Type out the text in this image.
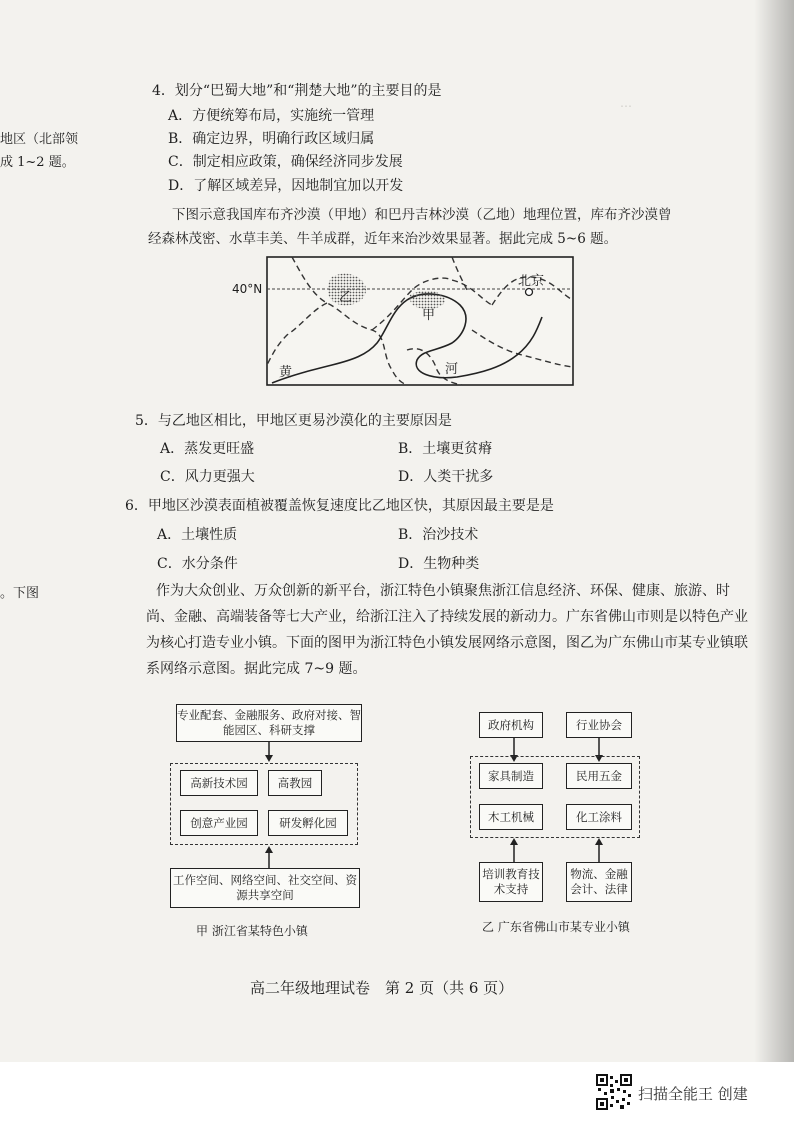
…
地区（北部领
成 1~2 题。
。下图
4．划分“巴蜀大地”和“荆楚大地”的主要目的是
A．方便统筹布局，实施统一管理
B．确定边界，明确行政区域归属
C．制定相应政策，确保经济同步发展
D．了解区域差异，因地制宜加以开发
下图示意我国库布齐沙漠（甲地）和巴丹吉林沙漠（乙地）地理位置，库布齐沙漠曾
经森林茂密、水草丰美、牛羊成群，近年来治沙效果显著。据此完成 5~6 题。
40°N	北京
乙
甲
黄	河
5．与乙地区相比，甲地区更易沙漠化的主要原因是
A．蒸发更旺盛	B．土壤更贫瘠
C．风力更强大	D．人类干扰多
6．甲地区沙漠表面植被覆盖恢复速度比乙地区快，其原因最主要是是
A．土壤性质	B．治沙技术
C．水分条件	D．生物种类
作为大众创业、万众创新的新平台，浙江特色小镇聚焦浙江信息经济、环保、健康、旅游、时尚、金融、高端装备等七大产业，给浙江注入了持续发展的新动力。广东省佛山市则是以特色产业为核心打造专业小镇。下面的图甲为浙江特色小镇发展网络示意图，图乙为广东佛山市某专业镇联系网络示意图。据此完成 7~9 题。
专业配套、金融服务、政府对接、智能园区、科研支撑
高新技术园	高教园
创意产业园	研发孵化园
工作空间、网络空间、社交空间、资源共享空间
甲 浙江省某特色小镇
政府机构	行业协会
家具制造	民用五金
木工机械	化工涂料
培训教育技术支持
物流、金融会计、法律
乙 广东省佛山市某专业小镇
高二年级地理试卷　第 2 页（共 6 页）
扫描全能王 创建
